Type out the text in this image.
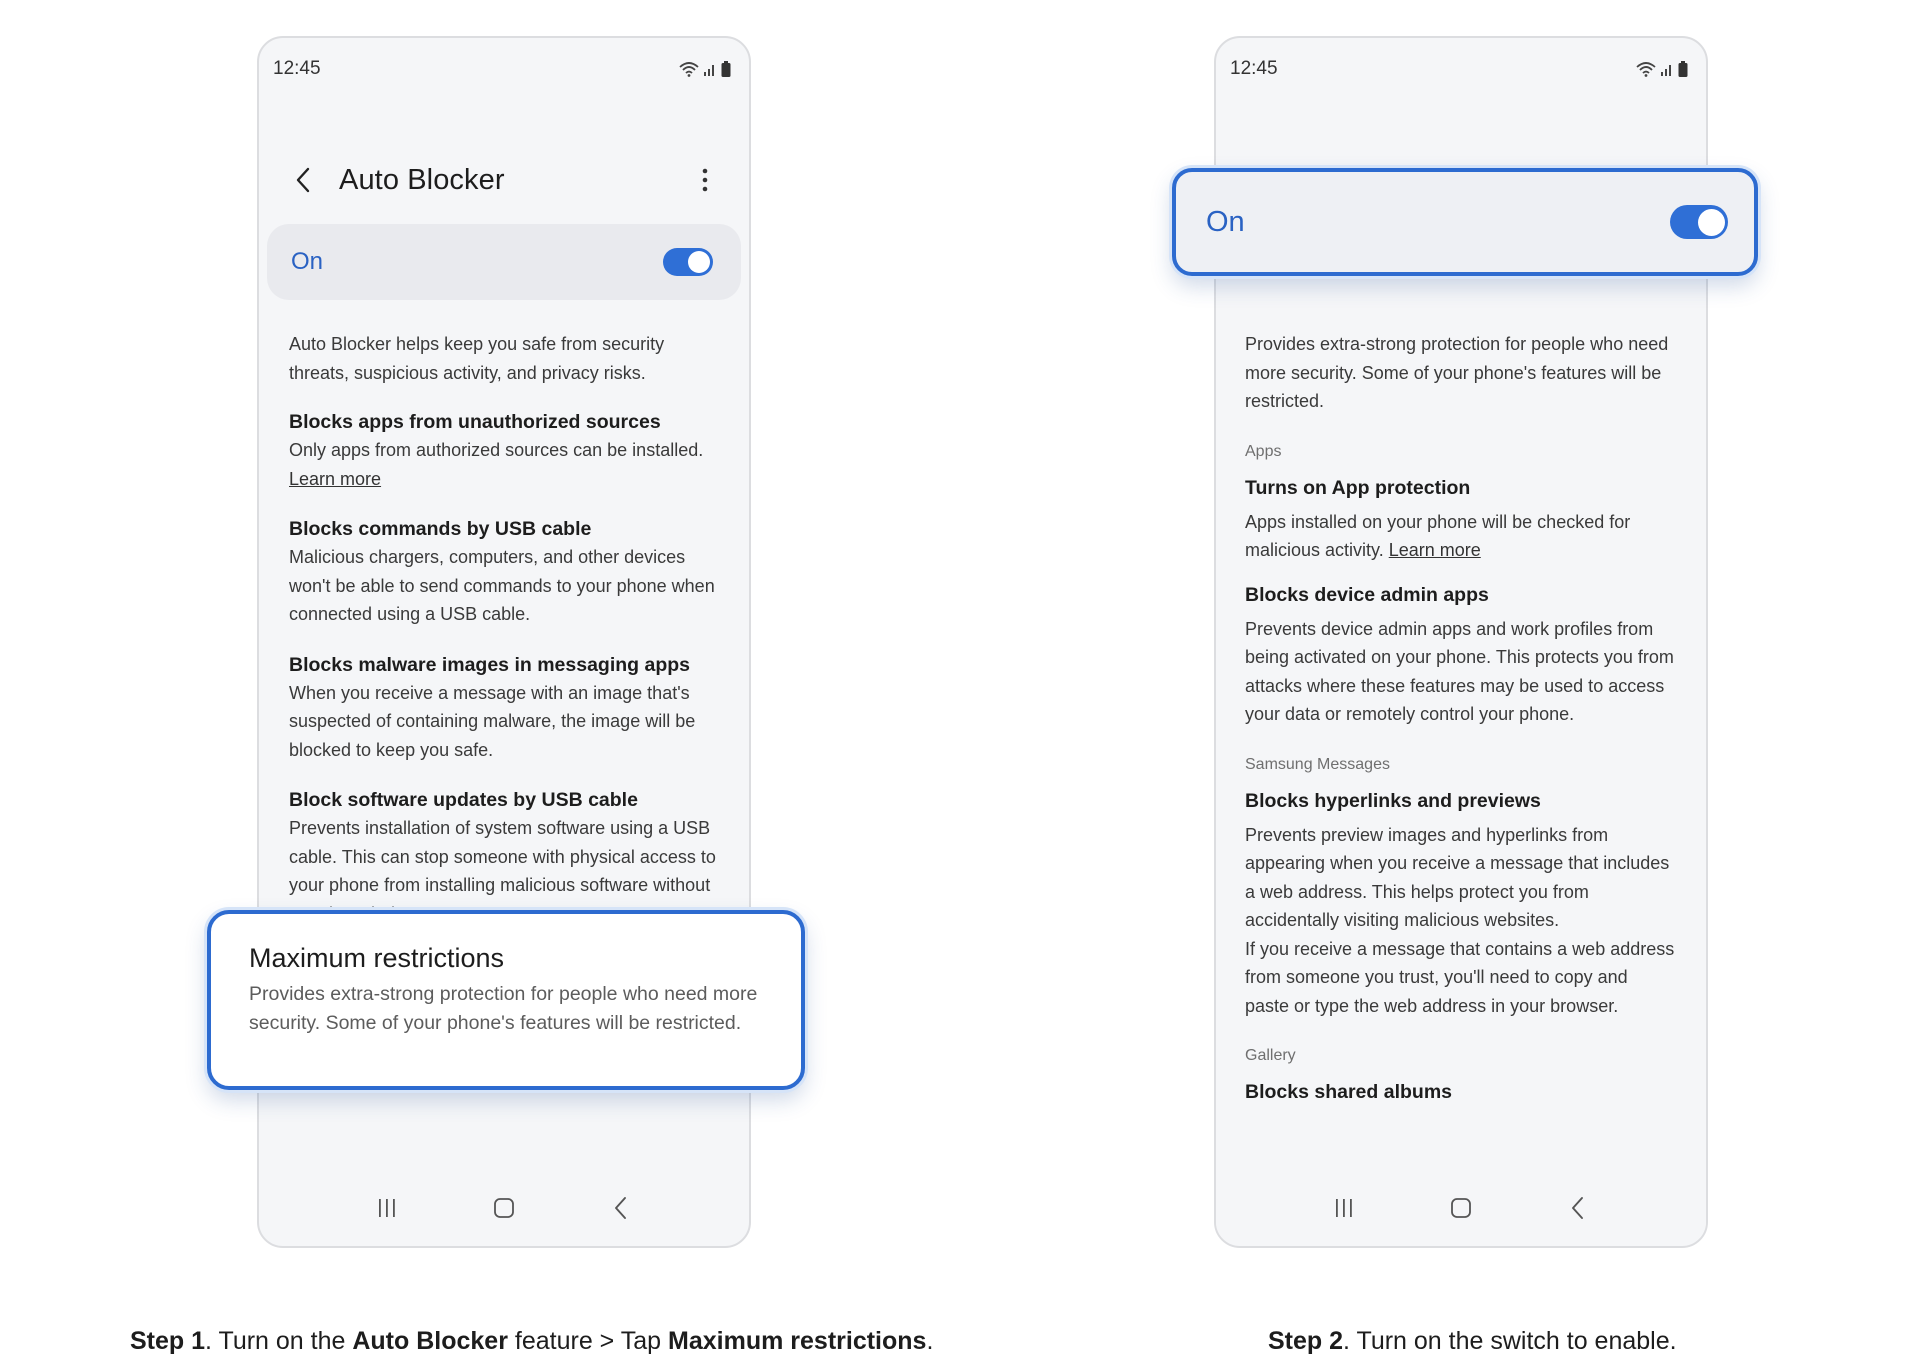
12:45
Auto Blocker
On

Auto Blocker helps keep you safe from security threats, suspicious activity, and privacy risks.

Blocks apps from unauthorized sources
Only apps from authorized sources can be installed. Learn more
Blocks commands by USB cable
Malicious chargers, computers, and other devices won't be able to send commands to your phone when connected using a USB cable.
Blocks malware images in messaging apps
When you receive a message with an image that's suspected of containing malware, the image will be blocked to keep you safe.
Block software updates by USB cable
Prevents installation of system software using a USB cable. This can stop someone with physical access to your phone from installing malicious software without
Maximum restrictions
Provides extra-strong protection for people who need more security. Some of your phone's features will be restricted.
12:45

Provides extra-strong protection for people who need more security. Some of your phone's features will be restricted.

Apps
Turns on App protection
Apps installed on your phone will be checked for malicious activity. Learn more
Blocks device admin apps
Prevents device admin apps and work profiles from being activated on your phone. This protects you from attacks where these features may be used to access your data or remotely control your phone.
Samsung Messages
Blocks hyperlinks and previews
Prevents preview images and hyperlinks from appearing when you receive a message that includes a web address. This helps protect you from accidentally visiting malicious websites.
If you receive a message that contains a web address from someone you trust, you'll need to copy and paste or type the web address in your browser.
Gallery
Blocks shared albums
On
Step 1. Turn on the Auto Blocker feature > Tap Maximum restrictions.	Step 2. Turn on the switch to enable.
